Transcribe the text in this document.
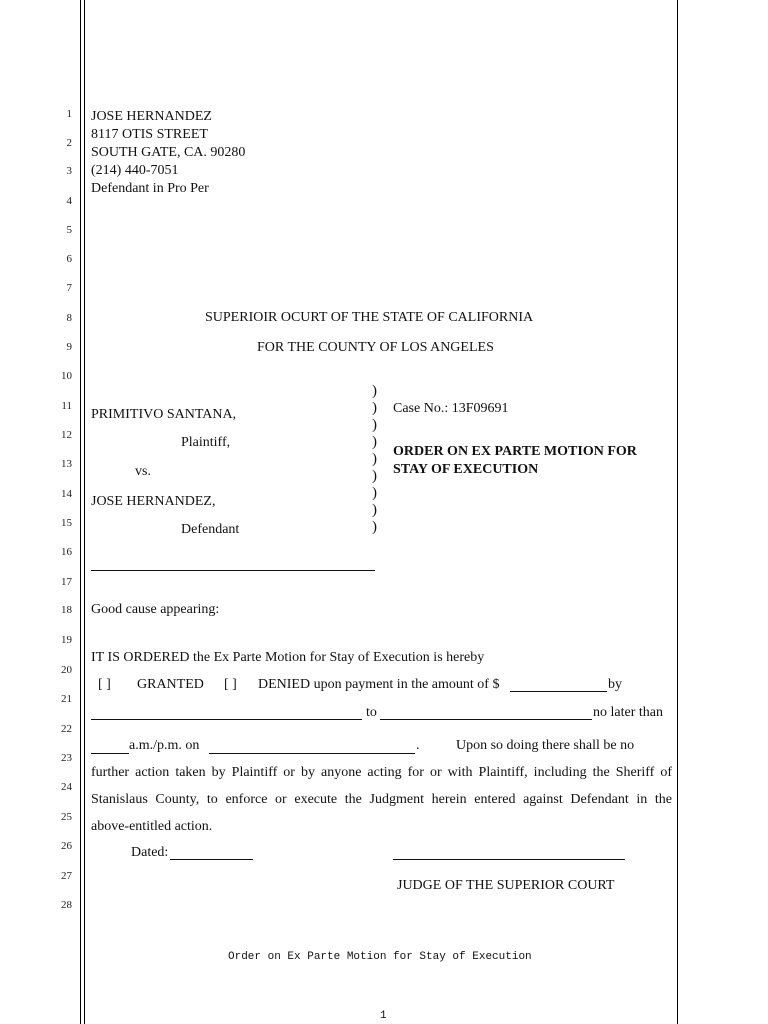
1
2
3
4
5
6
7
8
9
10
11
12
13
14
15
16
17
18
19
20
21
22
23
24
25
26
27
28
JOSE HERNANDEZ
8117 OTIS STREET
SOUTH GATE, CA. 90280
(214) 440-7051
Defendant in Pro Per
SUPERIOIR OCURT OF THE STATE OF CALIFORNIA
FOR THE COUNTY OF LOS ANGELES
PRIMITIVO SANTANA,
Plaintiff,
vs.
JOSE HERNANDEZ,
Defendant
)
)
)
)
)
)
)
)
)
Case No.: 13F09691
ORDER ON EX PARTE MOTION FOR
STAY OF EXECUTION
Good cause appearing:
IT IS ORDERED the Ex Parte Motion for Stay of Execution is hereby
[ ] GRANTED [ ] DENIED upon payment in the amount of $	by
to	no later than
a.m./p.m. on	.	Upon so doing there shall be no
further action taken by Plaintiff or by anyone acting for or with Plaintiff, including the Sheriff of
Stanislaus County, to enforce or execute the Judgment herein entered against Defendant in the
above-entitled action.
Dated:
JUDGE OF THE SUPERIOR COURT
Order on Ex Parte Motion for Stay of Execution
1
